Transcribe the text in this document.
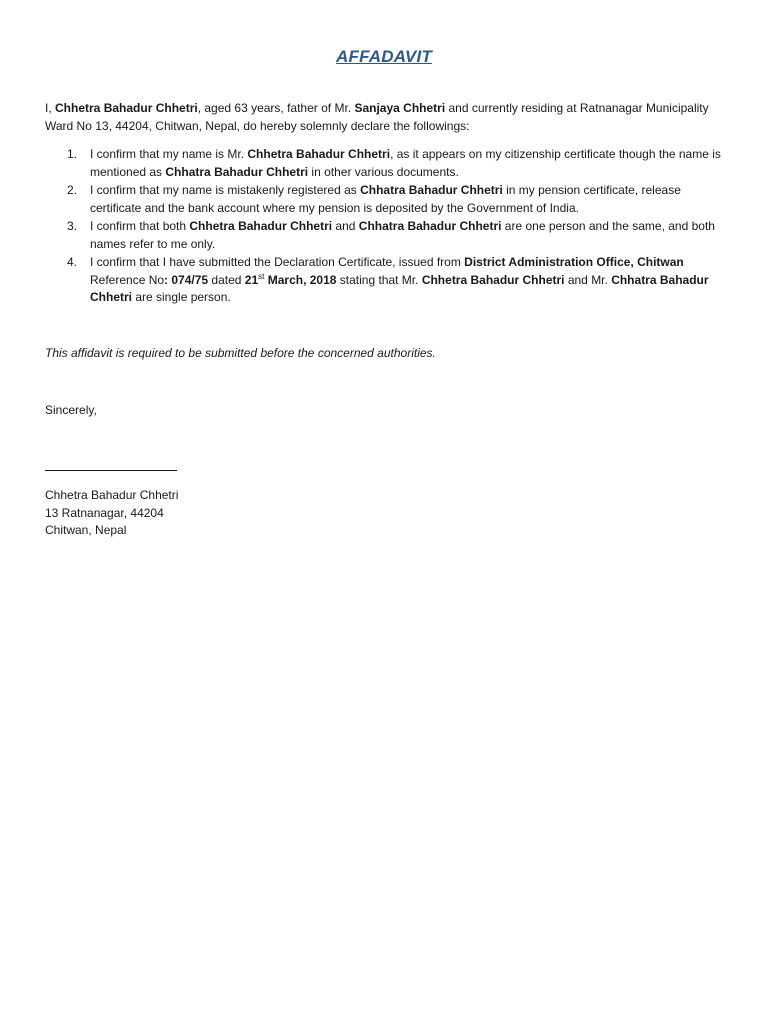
AFFADAVIT

I, Chhetra Bahadur Chhetri, aged 63 years, father of Mr. Sanjaya Chhetri and currently residing at Ratnanagar Municipality Ward No 13, 44204, Chitwan, Nepal, do hereby solemnly declare the followings:

1. I confirm that my name is Mr. Chhetra Bahadur Chhetri, as it appears on my citizenship certificate though the name is mentioned as Chhatra Bahadur Chhetri in other various documents.
2. I confirm that my name is mistakenly registered as Chhatra Bahadur Chhetri in my pension certificate, release certificate and the bank account where my pension is deposited by the Government of India.
3. I confirm that both Chhetra Bahadur Chhetri and Chhatra Bahadur Chhetri are one person and the same, and both names refer to me only.
4. I confirm that I have submitted the Declaration Certificate, issued from District Administration Office, Chitwan Reference No: 074/75 dated 21st March, 2018 stating that Mr. Chhetra Bahadur Chhetri and Mr. Chhatra Bahadur Chhetri are single person.

This affidavit is required to be submitted before the concerned authorities.

Sincerely,

Chhetra Bahadur Chhetri
13 Ratnanagar, 44204
Chitwan, Nepal
